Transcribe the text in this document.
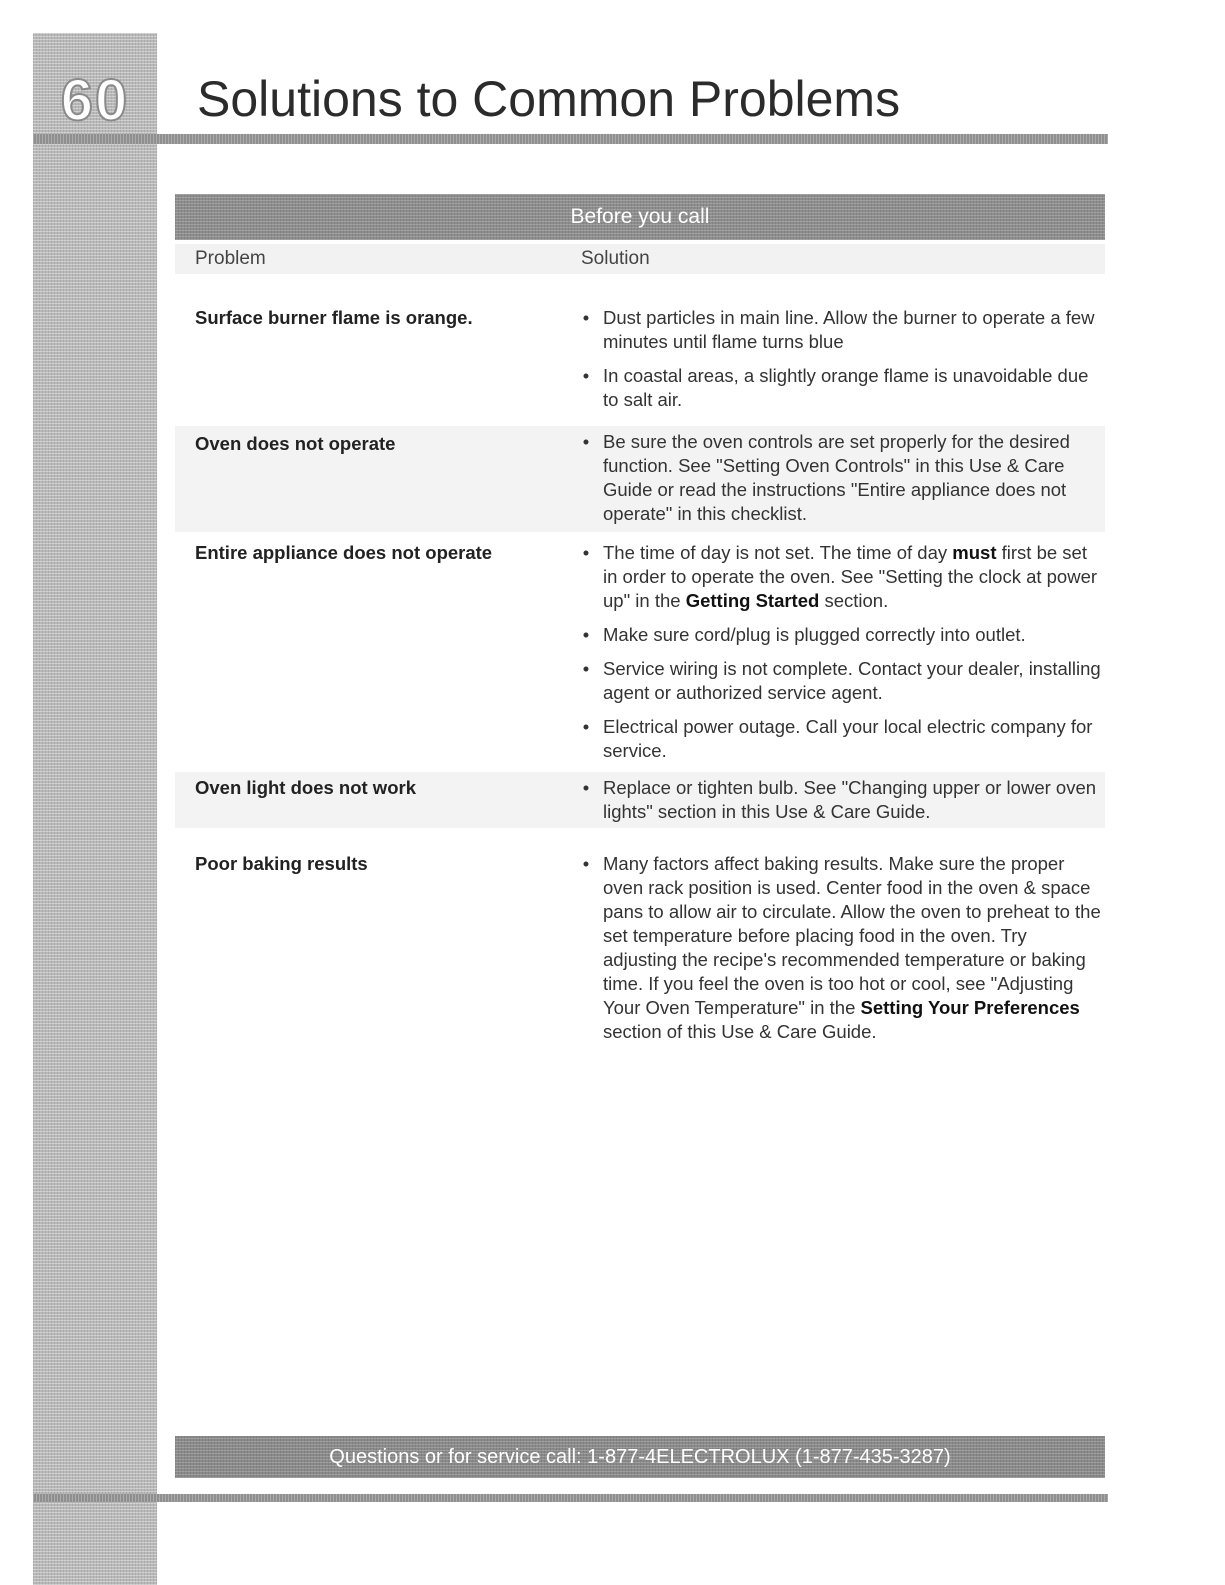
60	Solutions to Common Problems
Before you call
Problem	Solution
Surface burner flame is orange.	• Dust particles in main line. Allow the burner to operate a few minutes until flame turns blue
• In coastal areas, a slightly orange flame is unavoidable due to salt air.
Oven does not operate	• Be sure the oven controls are set properly for the desired function. See "Setting Oven Controls" in this Use & Care Guide or read the instructions "Entire appliance does not operate" in this checklist.
Entire appliance does not operate	• The time of day is not set. The time of day must first be set in order to operate the oven. See "Setting the clock at power up" in the Getting Started section.
• Make sure cord/plug is plugged correctly into outlet.
• Service wiring is not complete. Contact your dealer, installing agent or authorized service agent.
• Electrical power outage. Call your local electric company for service.
Oven light does not work	• Replace or tighten bulb. See "Changing upper or lower oven lights" section in this Use & Care Guide.
Poor baking results	• Many factors affect baking results. Make sure the proper oven rack position is used. Center food in the oven & space pans to allow air to circulate. Allow the oven to preheat to the set temperature before placing food in the oven. Try adjusting the recipe's recommended temperature or baking time. If you feel the oven is too hot or cool, see "Adjusting Your Oven Temperature" in the Setting Your Preferences section of this Use & Care Guide.
Questions or for service call: 1-877-4ELECTROLUX (1-877-435-3287)
